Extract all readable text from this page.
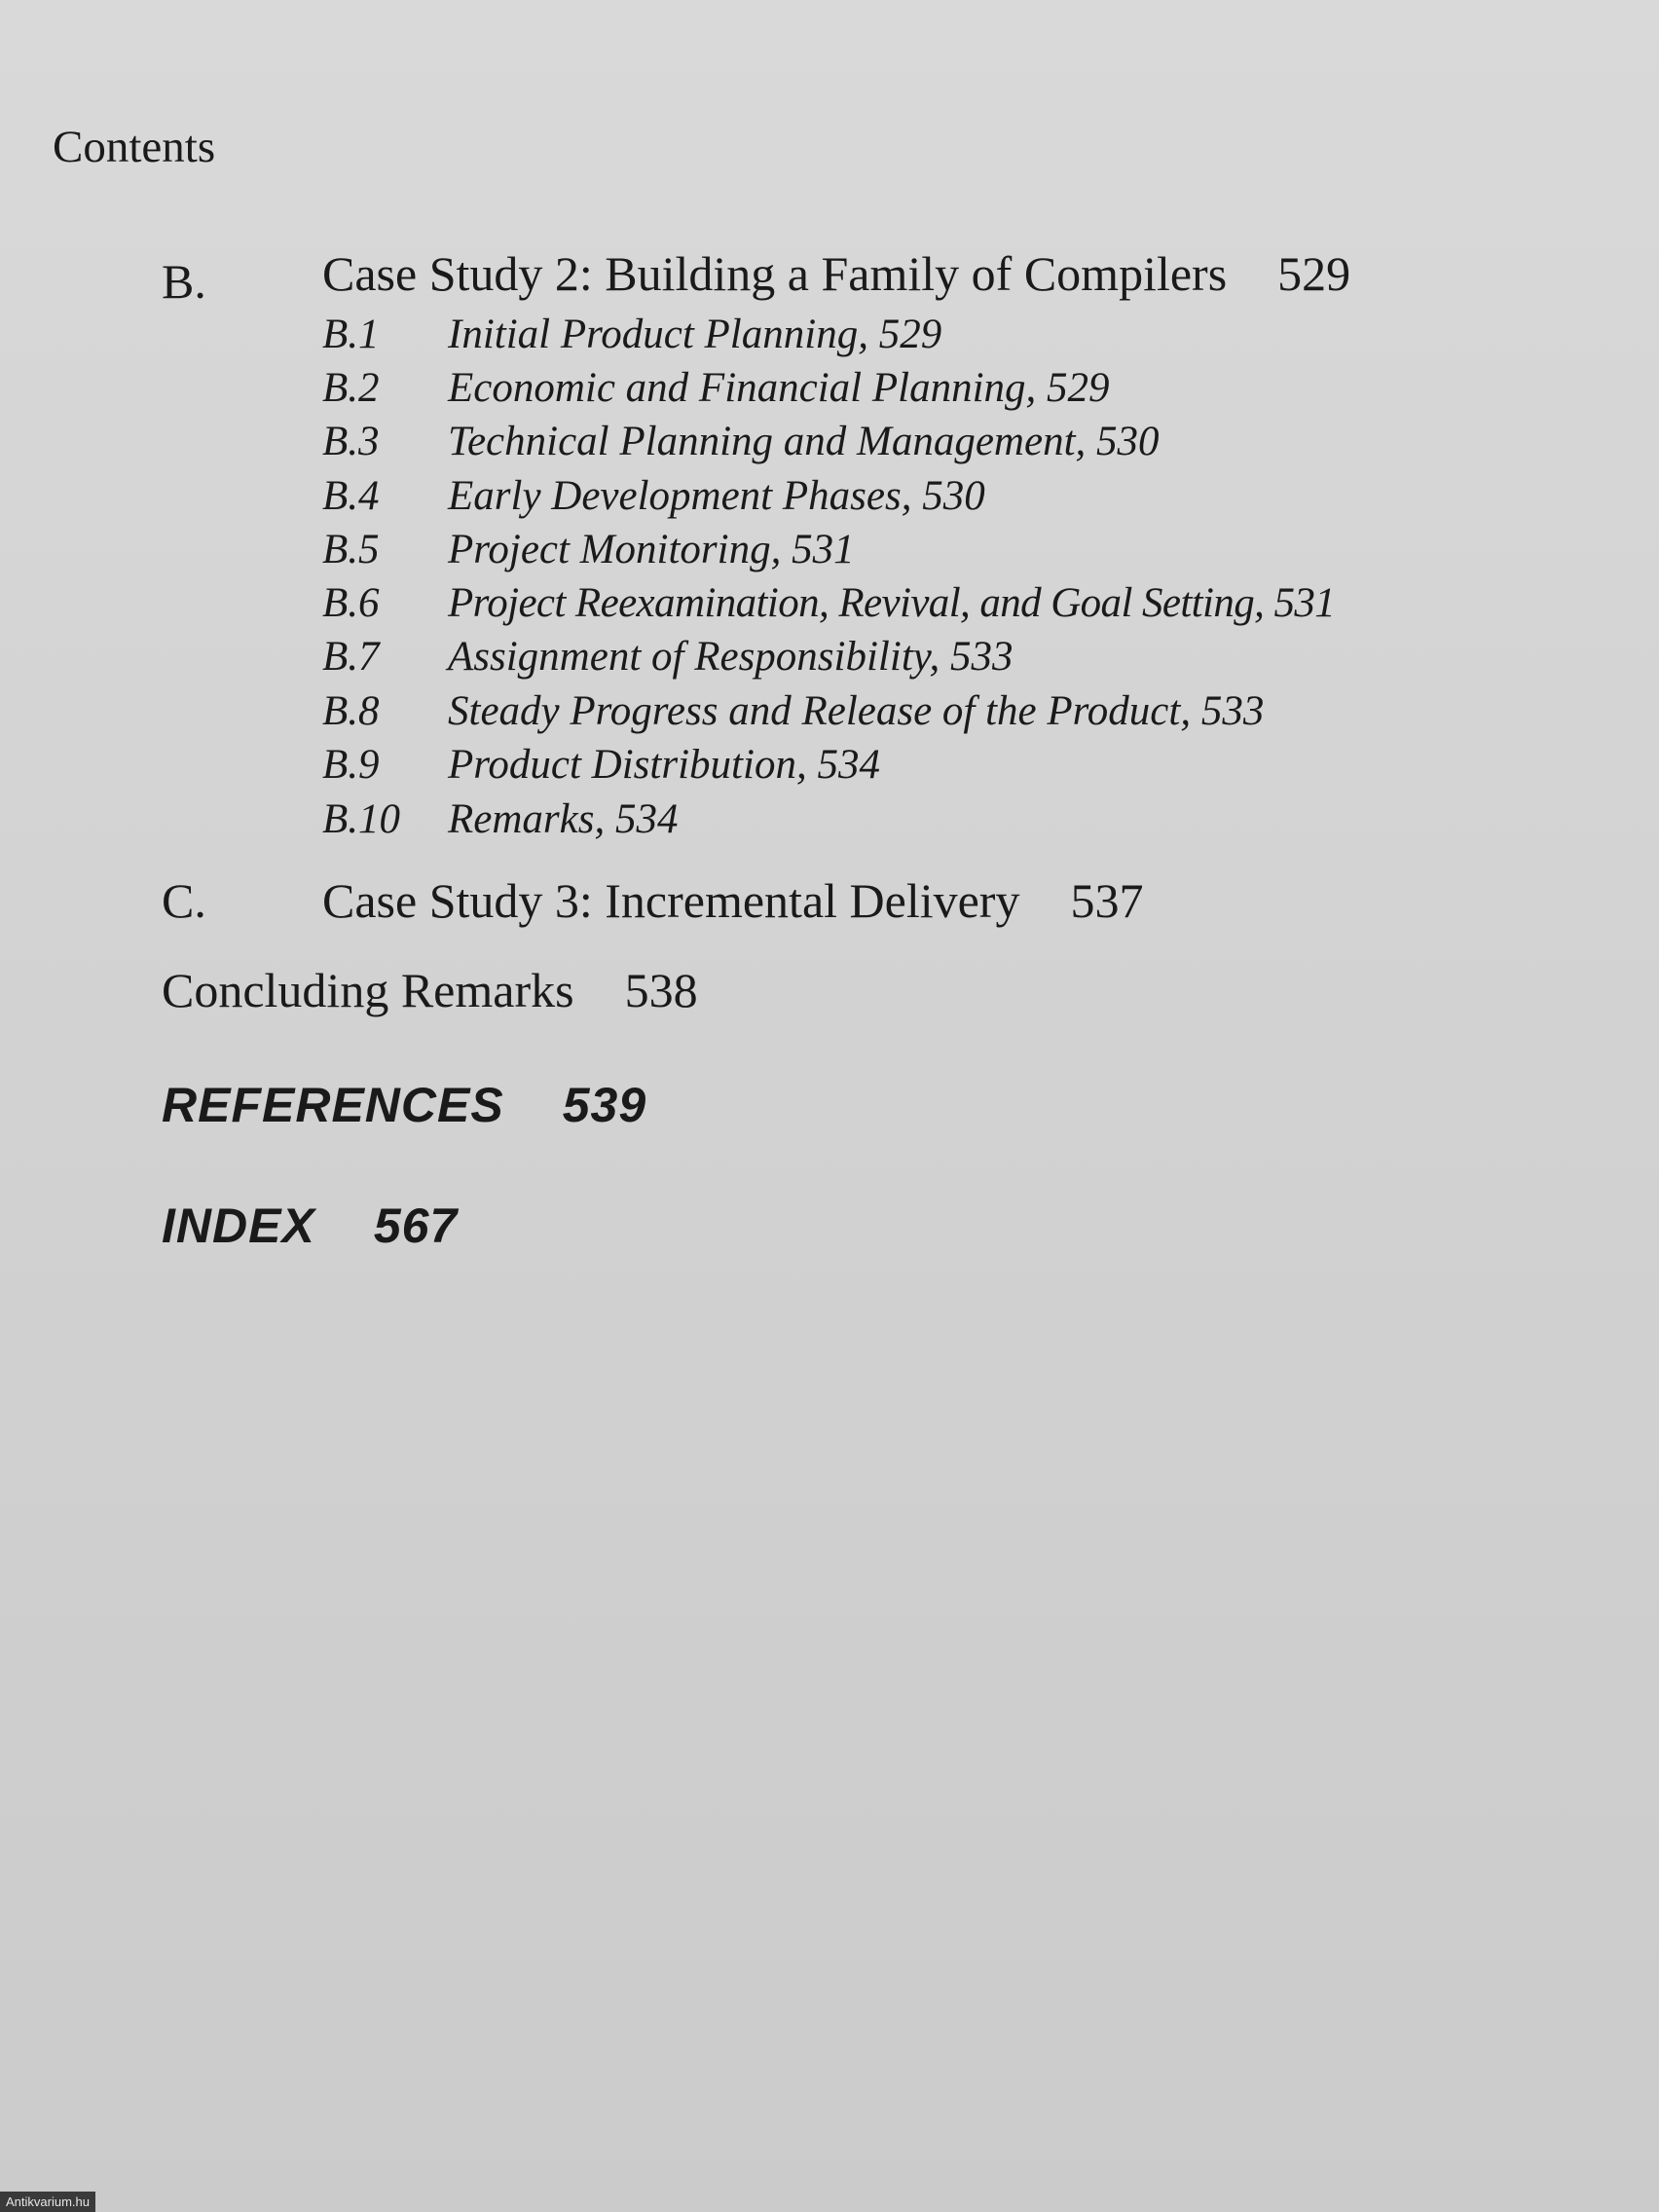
Contents
B. Case Study 2: Building a Family of Compilers 529
B.1 Initial Product Planning, 529
B.2 Economic and Financial Planning, 529
B.3 Technical Planning and Management, 530
B.4 Early Development Phases, 530
B.5 Project Monitoring, 531
B.6 Project Reexamination, Revival, and Goal Setting, 531
B.7 Assignment of Responsibility, 533
B.8 Steady Progress and Release of the Product, 533
B.9 Product Distribution, 534
B.10 Remarks, 534
C. Case Study 3: Incremental Delivery 537
Concluding Remarks 538
REFERENCES 539
INDEX 567
Antikvarium.hu
